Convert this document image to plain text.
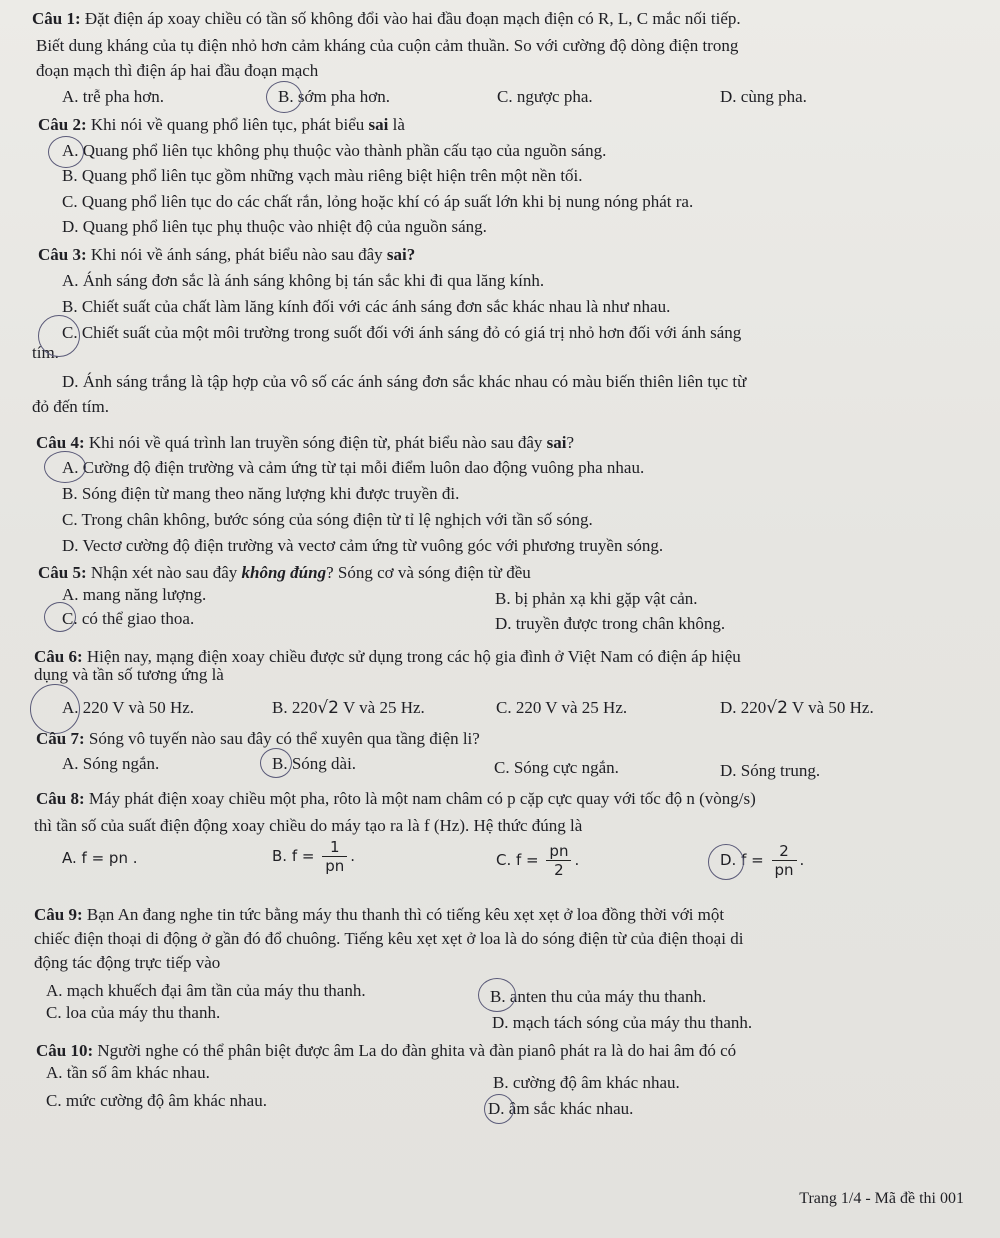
Câu 1: Đặt điện áp xoay chiều có tần số không đổi vào hai đầu đoạn mạch điện có R, L, C mắc nối tiếp.
Biết dung kháng của tụ điện nhỏ hơn cảm kháng của cuộn cảm thuần. So với cường độ dòng điện trong
đoạn mạch thì điện áp hai đầu đoạn mạch
A. trễ pha hơn.	B. sớm pha hơn.	C. ngược pha.	D. cùng pha.
Câu 2: Khi nói về quang phổ liên tục, phát biểu sai là
A. Quang phổ liên tục không phụ thuộc vào thành phần cấu tạo của nguồn sáng.
B. Quang phổ liên tục gồm những vạch màu riêng biệt hiện trên một nền tối.
C. Quang phổ liên tục do các chất rắn, lỏng hoặc khí có áp suất lớn khi bị nung nóng phát ra.
D. Quang phổ liên tục phụ thuộc vào nhiệt độ của nguồn sáng.
Câu 3: Khi nói về ánh sáng, phát biểu nào sau đây sai?
A. Ánh sáng đơn sắc là ánh sáng không bị tán sắc khi đi qua lăng kính.
B. Chiết suất của chất làm lăng kính đối với các ánh sáng đơn sắc khác nhau là như nhau.
C. Chiết suất của một môi trường trong suốt đối với ánh sáng đỏ có giá trị nhỏ hơn đối với ánh sáng
tím.
D. Ánh sáng trắng là tập hợp của vô số các ánh sáng đơn sắc khác nhau có màu biến thiên liên tục từ
đỏ đến tím.
Câu 4: Khi nói về quá trình lan truyền sóng điện từ, phát biểu nào sau đây sai?
A. Cường độ điện trường và cảm ứng từ tại mỗi điểm luôn dao động vuông pha nhau.
B. Sóng điện từ mang theo năng lượng khi được truyền đi.
C. Trong chân không, bước sóng của sóng điện từ tỉ lệ nghịch với tần số sóng.
D. Vectơ cường độ điện trường và vectơ cảm ứng từ vuông góc với phương truyền sóng.
Câu 5: Nhận xét nào sau đây không đúng? Sóng cơ và sóng điện từ đều
A. mang năng lượng.	B. bị phản xạ khi gặp vật cản.
C. có thể giao thoa.	D. truyền được trong chân không.
Câu 6: Hiện nay, mạng điện xoay chiều được sử dụng trong các hộ gia đình ở Việt Nam có điện áp hiệu
dụng và tần số tương ứng là
A. 220 V và 50 Hz.	B. 220√2 V và 25 Hz.	C. 220 V và 25 Hz.	D. 220√2 V và 50 Hz.
Câu 7: Sóng vô tuyến nào sau đây có thể xuyên qua tầng điện li?
A. Sóng ngắn.	B. Sóng dài.	C. Sóng cực ngắn.	D. Sóng trung.
Câu 8: Máy phát điện xoay chiều một pha, rôto là một nam châm có p cặp cực quay với tốc độ n (vòng/s)
thì tần số của suất điện động xoay chiều do máy tạo ra là f (Hz). Hệ thức đúng là
A. f = pn .	B. $f = \frac{1}{pn}$ .	C. $f = \frac{pn}{2}$ .	D. $f = \frac{2}{pn}$ .
Câu 9: Bạn An đang nghe tin tức bằng máy thu thanh thì có tiếng kêu xẹt xẹt ở loa đồng thời với một
chiếc điện thoại di động ở gần đó đổ chuông. Tiếng kêu xẹt xẹt ở loa là do sóng điện từ của điện thoại di
động tác động trực tiếp vào
A. mạch khuếch đại âm tần của máy thu thanh.	B. anten thu của máy thu thanh.
C. loa của máy thu thanh.
D. mạch tách sóng của máy thu thanh.
Câu 10: Người nghe có thể phân biệt được âm La do đàn ghita và đàn pianô phát ra là do hai âm đó có
A. tần số âm khác nhau.
B. cường độ âm khác nhau.
C. mức cường độ âm khác nhau.	D. âm sắc khác nhau.
Trang 1/4 - Mã đề thi 001
